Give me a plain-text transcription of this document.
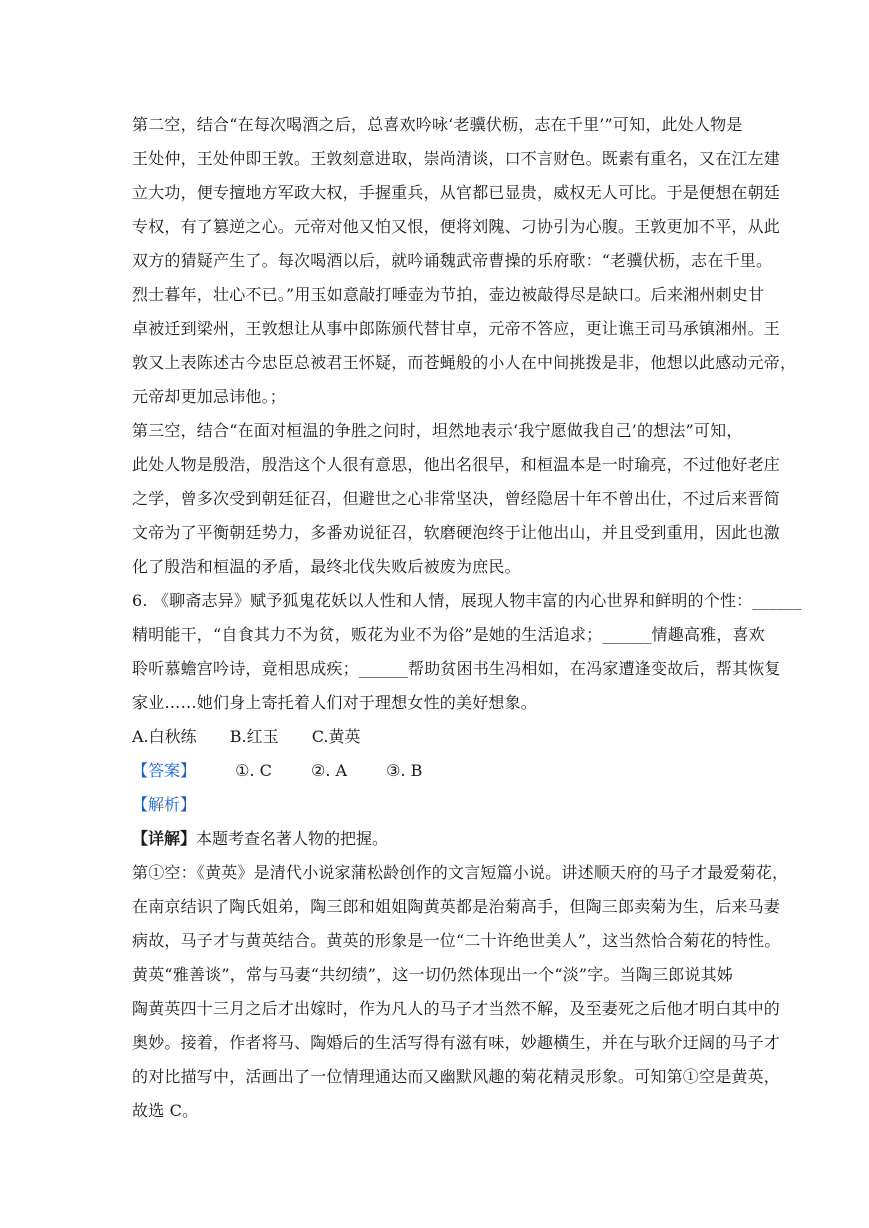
第二空，结合“在每次喝酒之后，总喜欢吟咏‘老骥伏枥，志在千里’”可知，此处人物是
王处仲，王处仲即王敦。王敦刻意进取，崇尚清谈，口不言财色。既素有重名，又在江左建
立大功，便专擅地方军政大权，手握重兵，从官都已显贵，威权无人可比。于是便想在朝廷
专权，有了篡逆之心。元帝对他又怕又恨，便将刘隗、刁协引为心腹。王敦更加不平，从此
双方的猜疑产生了。每次喝酒以后，就吟诵魏武帝曹操的乐府歌：“老骥伏枥，志在千里。
烈士暮年，壮心不已。”用玉如意敲打唾壶为节拍，壶边被敲得尽是缺口。后来湘州刺史甘
卓被迁到梁州，王敦想让从事中郎陈颁代替甘卓，元帝不答应，更让谯王司马承镇湘州。王
敦又上表陈述古今忠臣总被君王怀疑，而苍蝇般的小人在中间挑拨是非，他想以此感动元帝，
元帝却更加忌讳他。；
第三空，结合“在面对桓温的争胜之问时，坦然地表示‘我宁愿做我自己’的想法”可知，
此处人物是殷浩，殷浩这个人很有意思，他出名很早，和桓温本是一时瑜亮，不过他好老庄
之学，曾多次受到朝廷征召，但避世之心非常坚决，曾经隐居十年不曾出仕，不过后来晋简
文帝为了平衡朝廷势力，多番劝说征召，软磨硬泡终于让他出山，并且受到重用，因此也激
化了殷浩和桓温的矛盾，最终北伐失败后被废为庶民。
6. 《聊斋志异》赋予狐鬼花妖以人性和人情，展现人物丰富的内心世界和鲜明的个性：______
精明能干，“自食其力不为贫，贩花为业不为俗”是她的生活追求；______情趣高雅，喜欢
聆听慕蟾宫吟诗，竟相思成疾；______帮助贫困书生冯相如，在冯家遭逢变故后，帮其恢复
家业……她们身上寄托着人们对于理想女性的美好想象。
A.白秋练 B.红玉 C.黄英
【答案】 ①. C ②. A ③. B
【解析】
【详解】本题考查名著人物的把握。
第①空：《黄英》是清代小说家蒲松龄创作的文言短篇小说。讲述顺天府的马子才最爱菊花，
在南京结识了陶氏姐弟，陶三郎和姐姐陶黄英都是治菊高手，但陶三郎卖菊为生，后来马妻
病故，马子才与黄英结合。黄英的形象是一位“二十许绝世美人”，这当然恰合菊花的特性。
黄英“雅善谈”，常与马妻“共纫绩”，这一切仍然体现出一个“淡”字。当陶三郎说其姊
陶黄英四十三月之后才出嫁时，作为凡人的马子才当然不解，及至妻死之后他才明白其中的
奥妙。接着，作者将马、陶婚后的生活写得有滋有味，妙趣横生，并在与耿介迂阔的马子才
的对比描写中，活画出了一位情理通达而又幽默风趣的菊花精灵形象。可知第①空是黄英，
故选 C。
